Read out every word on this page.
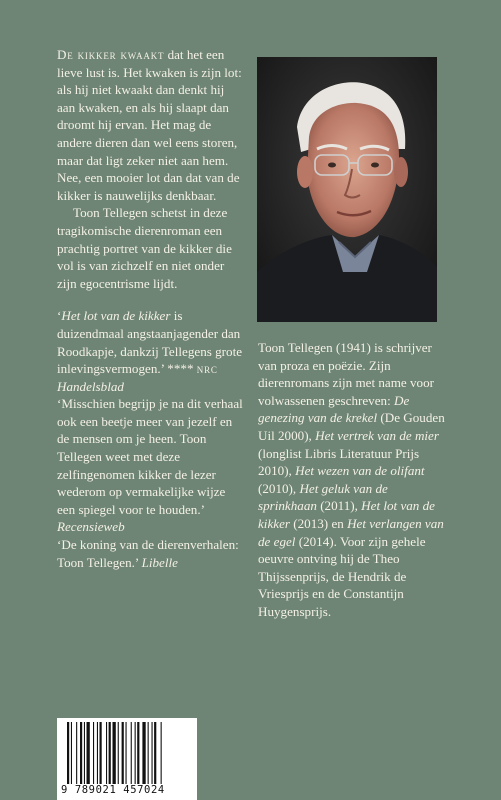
De kikker kwaakt dat het een lieve lust is. Het kwaken is zijn lot: als hij niet kwaakt dan denkt hij aan kwaken, en als hij slaapt dan droomt hij ervan. Het mag de andere dieren dan wel eens storen, maar dat ligt zeker niet aan hem. Nee, een mooier lot dan dat van de kikker is nauwelijks denkbaar.

Toon Tellegen schetst in deze tragikomische dierenroman een prachtig portret van de kikker die vol is van zichzelf en niet onder zijn egocentrisme lijdt.

‘Het lot van de kikker is duizendmaal angstaanjagender dan Roodkapje, dankzij Tellegens grote inlevingsvermogen.’ **** nrc Handelsblad

‘Misschien begrijp je na dit verhaal ook een beetje meer van jezelf en de mensen om je heen. Toon Tellegen weet met deze zelfingenomen kikker de lezer wederom op vermakelijke wijze een spiegel voor te houden.’ Recensieweb

‘De koning van de dierenverhalen: Toon Tellegen.’ Libelle

Toon Tellegen (1941) is schrijver van proza en poëzie. Zijn dierenromans zijn met name voor volwassenen geschreven: De genezing van de krekel (De Gouden Uil 2000), Het vertrek van de mier (longlist Libris Literatuur Prijs 2010), Het wezen van de olifant (2010), Het geluk van de sprinkhaan (2011), Het lot van de kikker (2013) en Het verlangen van de egel (2014). Voor zijn gehele oeuvre ontving hij de Theo Thijssenprijs, de Hendrik de Vriesprijs en de Constantijn Huygensprijs.

9 789021 457024
